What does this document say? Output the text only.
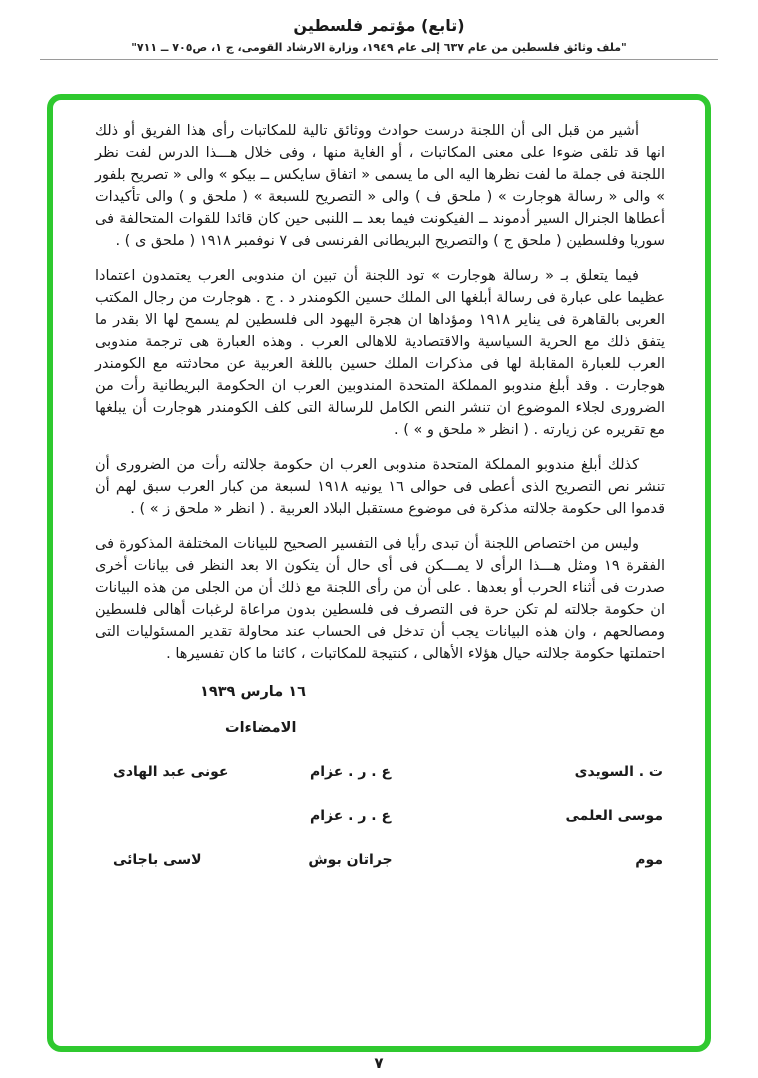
(تابع) مؤتمر فلسطين
"ملف وثائق فلسطين من عام ٦٣٧ إلى عام ١٩٤٩، وزارة الارشاد القومى، ج ١، ص٧٠٥ ــ ٧١١"

أشير من قبل الى أن اللجنة درست حوادث ووثائق تالية للمكاتبات رأى هذا الفريق أو ذلك انها قد تلقى ضوءا على معنى المكاتبات ، أو الغاية منها ، وفى خلال هـــذا الدرس لفت نظر اللجنة فى جملة ما لفت نظرها اليه الى ما يسمى « اتفاق سايكس ــ بيكو » والى « تصريح بلفور » والى « رسالة هوجارت » ( ملحق ف ) والى « التصريح للسبعة » ( ملحق و ) والى تأكيدات أعطاها الجنرال السير أدموند ــ الفيكونت فيما بعد ــ اللنبى حين كان قائدا للقوات المتحالفة فى سوريا وفلسطين ( ملحق ج ) والتصريح البريطانى الفرنسى فى ٧ نوفمبر ١٩١٨ ( ملحق ى ) .

فيما يتعلق بـ « رسالة هوجارت » تود اللجنة أن تبين ان مندوبى العرب يعتمدون اعتمادا عظيما على عبارة فى رسالة أبلغها الى الملك حسين الكومندر د . ج . هوجارت من رجال المكتب العربى بالقاهرة فى يناير ١٩١٨ ومؤداها ان هجرة اليهود الى فلسطين لم يسمح لها الا بقدر ما يتفق ذلك مع الحرية السياسية والاقتصادية للاهالى العرب . وهذه العبارة هى ترجمة مندوبى العرب للعبارة المقابلة لها فى مذكرات الملك حسين باللغة العربية عن محادثته مع الكومندر هوجارت . وقد أبلغ مندوبو المملكة المتحدة المندوبين العرب ان الحكومة البريطانية رأت من الضرورى لجلاء الموضوع ان تنشر النص الكامل للرسالة التى كلف الكومندر هوجارت أن يبلغها مع تقريره عن زيارته . ( انظر « ملحق و » ) .

كذلك أبلغ مندوبو المملكة المتحدة مندوبى العرب ان حكومة جلالته رأت من الضرورى أن تنشر نص التصريح الذى أعطى فى حوالى ١٦ يونيه ١٩١٨ لسبعة من كبار العرب سبق لهم أن قدموا الى حكومة جلالته مذكرة فى موضوع مستقبل البلاد العربية . ( انظر « ملحق ز » ) .

وليس من اختصاص اللجنة أن تبدى رأيا فى التفسير الصحيح للبيانات المختلفة المذكورة فى الفقرة ١٩ ومثل هـــذا الرأى لا يمـــكن فى أى حال أن يتكون الا بعد النظر فى بيانات أخرى صدرت فى أثناء الحرب أو بعدها . على أن من رأى اللجنة مع ذلك أن من الجلى من هذه البيانات ان حكومة جلالته لم تكن حرة فى التصرف فى فلسطين بدون مراعاة لرغبات أهالى فلسطين ومصالحهم ، وان هذه البيانات يجب أن تدخل فى الحساب عند محاولة تقدير المسئوليات التى احتملتها حكومة جلالته حيال هؤلاء الأهالى ، كنتيجة للمكاتبات ، كائنا ما كان تفسيرها .

١٦ مارس ١٩٣٩
الامضاءات
ت . السويدى
ع . ر . عزام
عونى عبد الهادى
موسى العلمى
ع . ر . عزام
موم
جراتان بوش
لاسى باجائى
٧
